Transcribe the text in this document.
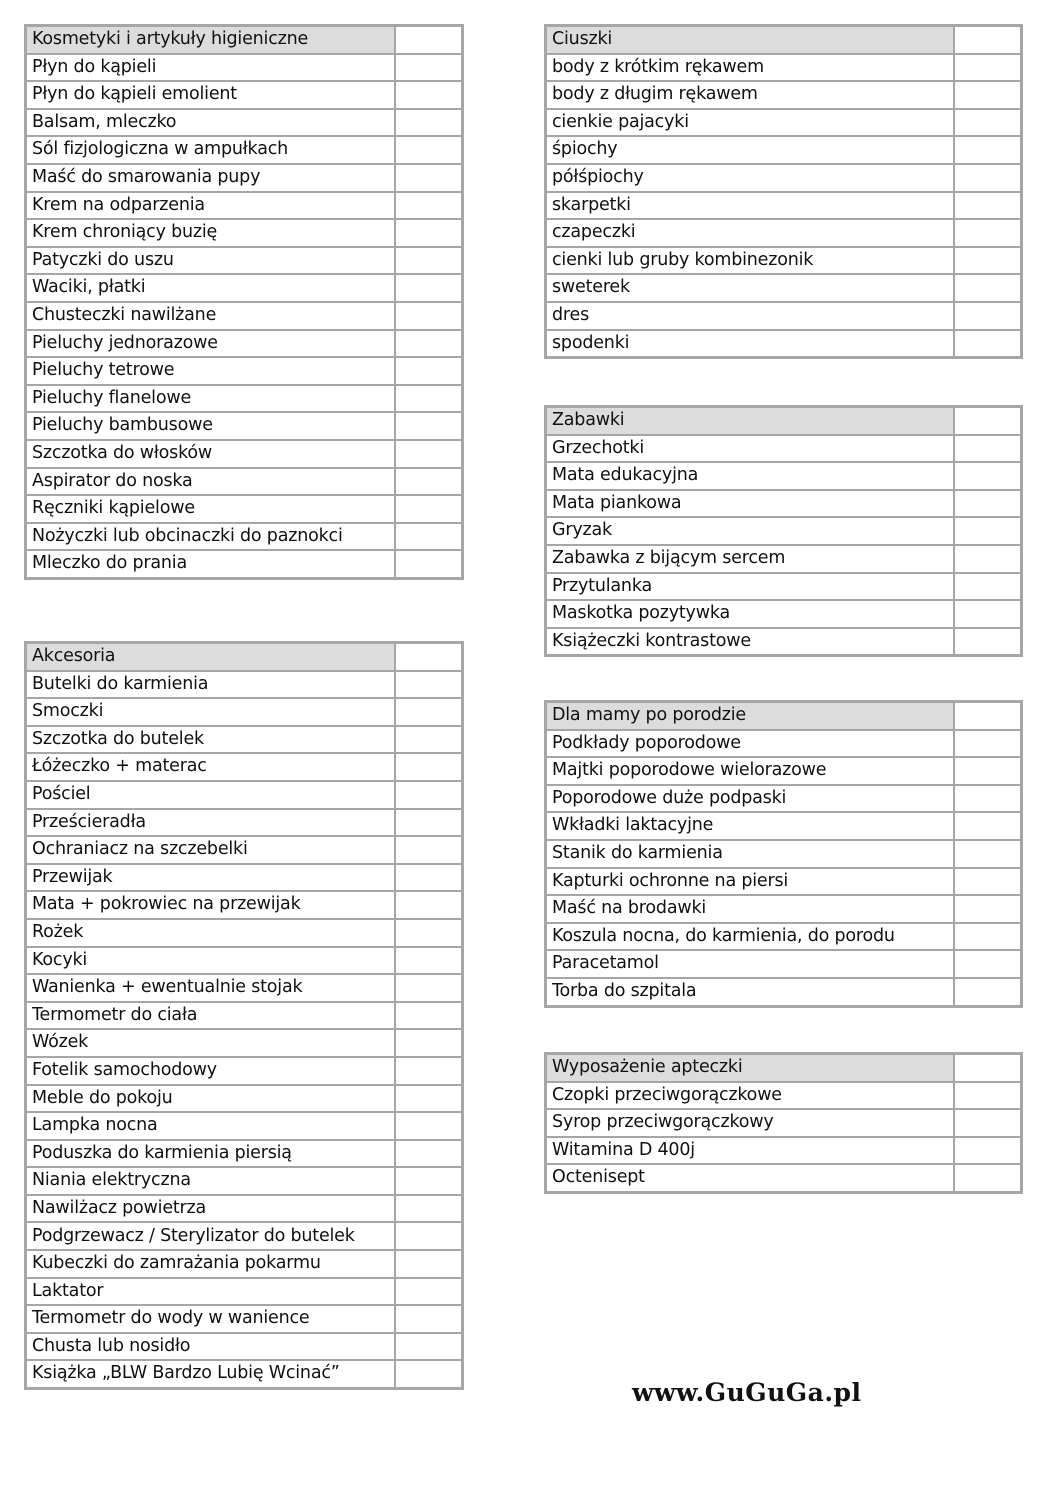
Kosmetyki i artykuły higieniczne	
Płyn do kąpieli	
Płyn do kąpieli emolient	
Balsam, mleczko	
Sól fizjologiczna w ampułkach	
Maść do smarowania pupy	
Krem na odparzenia	
Krem chroniący buzię	
Patyczki do uszu	
Waciki, płatki	
Chusteczki nawilżane	
Pieluchy jednorazowe	
Pieluchy tetrowe	
Pieluchy flanelowe	
Pieluchy bambusowe	
Szczotka do włosków	
Aspirator do noska	
Ręczniki kąpielowe	
Nożyczki lub obcinaczki do paznokci	
Mleczko do prania	
Akcesoria	
Butelki do karmienia	
Smoczki	
Szczotka do butelek	
Łóżeczko + materac	
Pościel	
Prześcieradła	
Ochraniacz na szczebelki	
Przewijak	
Mata + pokrowiec na przewijak	
Rożek	
Kocyki	
Wanienka + ewentualnie stojak	
Termometr do ciała	
Wózek	
Fotelik samochodowy	
Meble do pokoju	
Lampka nocna	
Poduszka do karmienia piersią	
Niania elektryczna	
Nawilżacz powietrza	
Podgrzewacz / Sterylizator do butelek	
Kubeczki do zamrażania pokarmu	
Laktator	
Termometr do wody w wanience	
Chusta lub nosidło	
Książka „BLW Bardzo Lubię Wcinać”	
Ciuszki	
body z krótkim rękawem	
body z długim rękawem	
cienkie pajacyki	
śpiochy	
półśpiochy	
skarpetki	
czapeczki	
cienki lub gruby kombinezonik	
sweterek	
dres	
spodenki	
Zabawki	
Grzechotki	
Mata edukacyjna	
Mata piankowa	
Gryzak	
Zabawka z bijącym sercem	
Przytulanka	
Maskotka pozytywka	
Książeczki kontrastowe	
Dla mamy po porodzie	
Podkłady poporodowe	
Majtki poporodowe wielorazowe	
Poporodowe duże podpaski	
Wkładki laktacyjne	
Stanik do karmienia	
Kapturki ochronne na piersi	
Maść na brodawki	
Koszula nocna, do karmienia, do porodu	
Paracetamol	
Torba do szpitala	
Wyposażenie apteczki	
Czopki przeciwgorączkowe	
Syrop przeciwgorączkowy	
Witamina D 400j	
Octenisept	
www.GuGuGa.pl
